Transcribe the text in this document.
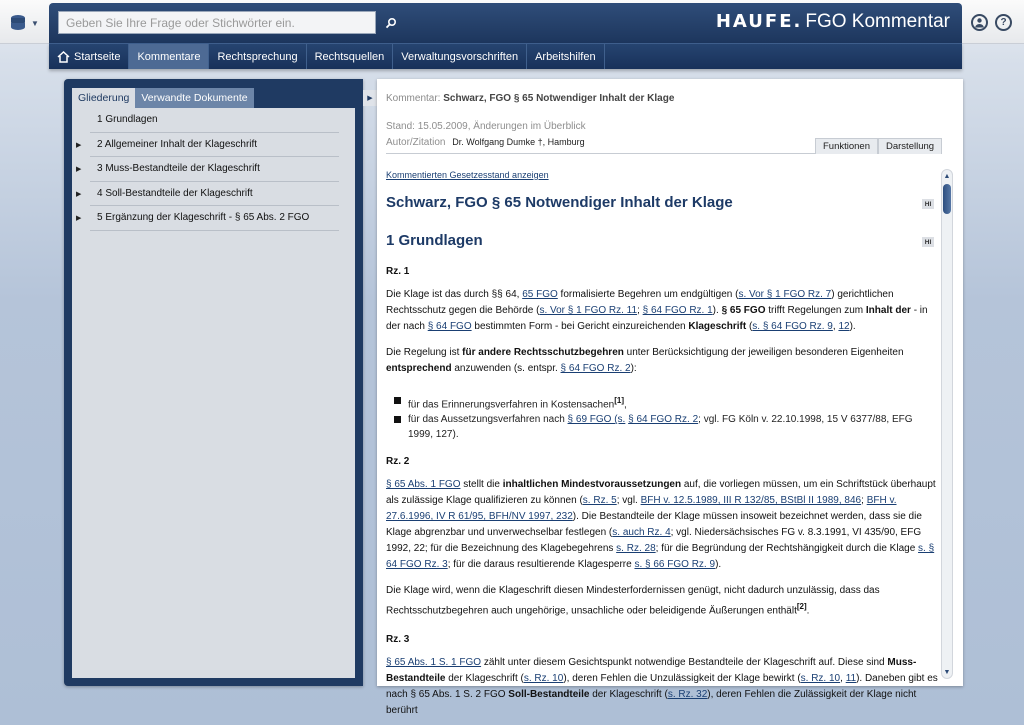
▼
Geben Sie Ihre Frage oder Stichwörter ein.	HAUFE. FGO Kommentar	?
Startseite	Kommentare	Rechtsprechung	Rechtsquellen	Verwaltungsvorschriften	Arbeitshilfen
Gliederung	Verwandte Dokumente
1 Grundlagen
▶ 2 Allgemeiner Inhalt der Klageschrift
▶ 3 Muss-Bestandteile der Klageschrift
▶ 4 Soll-Bestandteile der Klageschrift
▶ 5 Ergänzung der Klageschrift - § 65 Abs. 2 FGO
▶ Kommentar: Schwarz, FGO § 65 Notwendiger Inhalt der Klage
Stand: 15.05.2009, Änderungen im Überblick
Autor/Zitation Dr. Wolfgang Dumke †, Hamburg	Funktionen	Darstellung
Kommentierten Gesetzesstand anzeigen
Schwarz, FGO § 65 Notwendiger Inhalt der Klage	HI
1 Grundlagen	HI
Rz. 1

Die Klage ist das durch §§ 64, 65 FGO formalisierte Begehren um endgültigen (s. Vor § 1 FGO Rz. 7) gerichtlichen Rechtsschutz gegen die Behörde (s. Vor § 1 FGO Rz. 11; § 64 FGO Rz. 1). § 65 FGO trifft Regelungen zum Inhalt der - in der nach § 64 FGO bestimmten Form - bei Gericht einzureichenden Klageschrift (s. § 64 FGO Rz. 9, 12).

Die Regelung ist für andere Rechtsschutzbegehren unter Berücksichtigung der jeweiligen besonderen Eigenheiten entsprechend anzuwenden (s. entspr. § 64 FGO Rz. 2):

für das Erinnerungsverfahren in Kostensachen[1],
für das Aussetzungsverfahren nach § 69 FGO (s. § 64 FGO Rz. 2; vgl. FG Köln v. 22.10.1998, 15 V 6377/88, EFG 1999, 127).
Rz. 2

§ 65 Abs. 1 FGO stellt die inhaltlichen Mindestvoraussetzungen auf, die vorliegen müssen, um ein Schriftstück überhaupt als zulässige Klage qualifizieren zu können (s. Rz. 5; vgl. BFH v. 12.5.1989, III R 132/85, BStBl II 1989, 846; BFH v. 27.6.1996, IV R 61/95, BFH/NV 1997, 232). Die Bestandteile der Klage müssen insoweit bezeichnet werden, dass sie die Klage abgrenzbar und unverwechselbar festlegen (s. auch Rz. 4; vgl. Niedersächsisches FG v. 8.3.1991, VI 435/90, EFG 1992, 22; für die Bezeichnung des Klagebegehrens s. Rz. 28; für die Begründung der Rechtshängigkeit durch die Klage s. § 64 FGO Rz. 3; für die daraus resultierende Klagesperre s. § 66 FGO Rz. 9).

Die Klage wird, wenn die Klageschrift diesen Mindesterfordernissen genügt, nicht dadurch unzulässig, dass das Rechtsschutzbegehren auch ungehörige, unsachliche oder beleidigende Äußerungen enthält[2].

Rz. 3

§ 65 Abs. 1 S. 1 FGO zählt unter diesem Gesichtspunkt notwendige Bestandteile der Klageschrift auf. Diese sind Muss-Bestandteile der Klageschrift (s. Rz. 10), deren Fehlen die Unzulässigkeit der Klage bewirkt (s. Rz. 10, 11). Daneben gibt es nach § 65 Abs. 1 S. 2 FGO Soll-Bestandteile der Klageschrift (s. Rz. 32), deren Fehlen die Zulässigkeit der Klage nicht berührt

▲
▼
